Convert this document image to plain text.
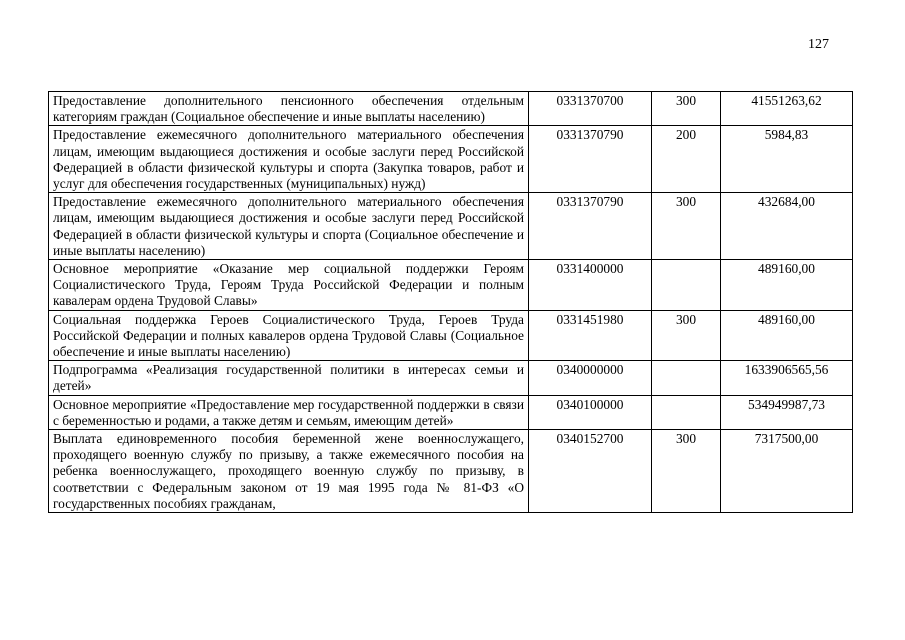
127
Предоставление дополнительного пенсионного обеспечения отдельным категориям граждан (Социальное обеспечение и иные выплаты населению)	0331370700	300	41551263,62
Предоставление ежемесячного дополнительного материального обеспечения лицам, имеющим выдающиеся достижения и особые заслуги перед Российской Федерацией в области физической культуры и спорта (Закупка товаров, работ и услуг для обеспечения государственных (муниципальных) нужд)	0331370790	200	5984,83
Предоставление ежемесячного дополнительного материального обеспечения лицам, имеющим выдающиеся достижения и особые заслуги перед Российской Федерацией в области физической культуры и спорта (Социальное обеспечение и иные выплаты населению)	0331370790	300	432684,00
Основное мероприятие «Оказание мер социальной поддержки Героям Социалистического Труда, Героям Труда Российской Федерации и полным кавалерам ордена Трудовой Славы»	0331400000		489160,00
Социальная поддержка Героев Социалистического Труда, Героев Труда Российской Федерации и полных кавалеров ордена Трудовой Славы (Социальное обеспечение и иные выплаты населению)	0331451980	300	489160,00
Подпрограмма «Реализация государственной политики в интересах семьи и детей»	0340000000		1633906565,56
Основное мероприятие «Предоставление мер государственной поддержки в связи с беременностью и родами, а также детям и семьям, имеющим детей»	0340100000		534949987,73
Выплата единовременного пособия беременной жене военнослужащего, проходящего военную службу по призыву, а также ежемесячного пособия на ребенка военнослужащего, проходящего военную службу по призыву, в соответствии с Федеральным законом от 19 мая 1995 года № 81-ФЗ «О государственных пособиях гражданам,	0340152700	300	7317500,00
